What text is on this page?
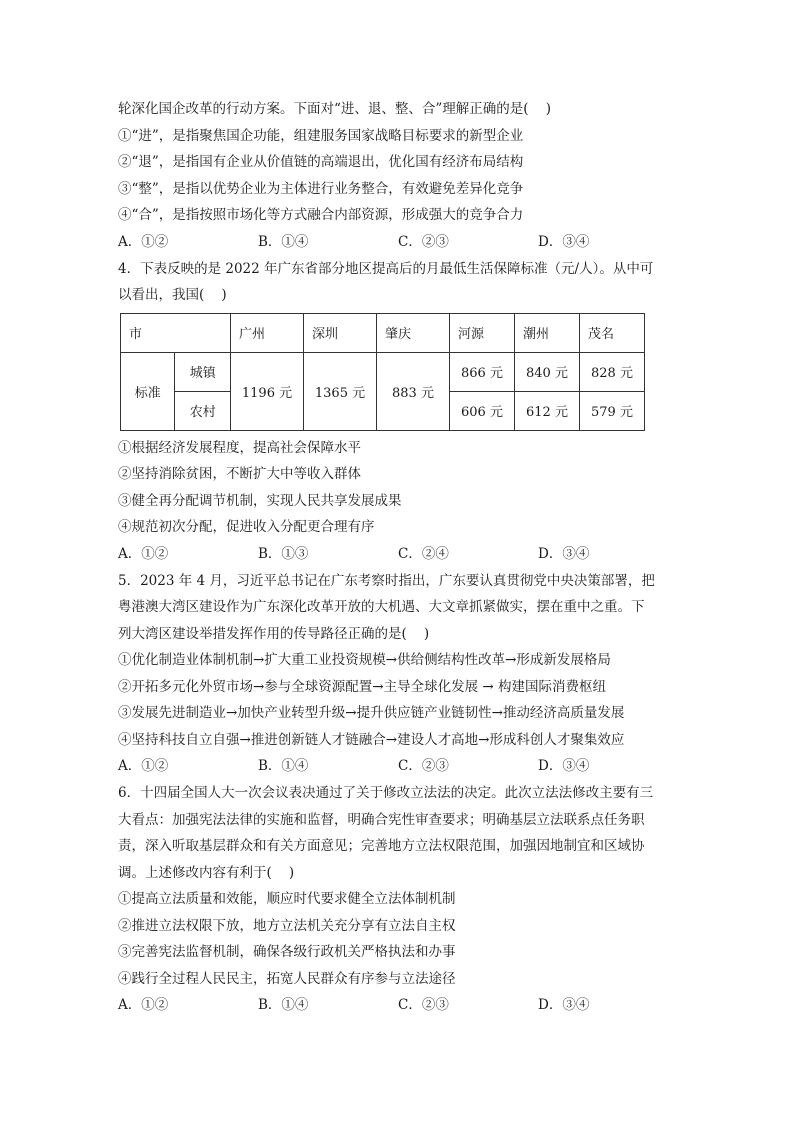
轮深化国企改革的行动方案。下面对“进、退、整、合”理解正确的是(    )
①“进”，是指聚焦国企功能，组建服务国家战略目标要求的新型企业
②“退”，是指国有企业从价值链的高端退出，优化国有经济布局结构
③“整”，是指以优势企业为主体进行业务整合，有效避免差异化竞争
④“合”，是指按照市场化等方式融合内部资源，形成强大的竞争合力
A．①②	B．①④	C．②③	D．③④
4．下表反映的是 2022 年广东省部分地区提高后的月最低生活保障标准（元/人）。从中可
以看出，我国(    )
市		广州	深圳	肇庆	河源	潮州	茂名
标准	城镇	1196 元	1365 元	883 元	866 元	840 元	828 元
	农村				606 元	612 元	579 元
①根据经济发展程度，提高社会保障水平
②坚持消除贫困，不断扩大中等收入群体
③健全再分配调节机制，实现人民共享发展成果
④规范初次分配，促进收入分配更合理有序
A．①②	B．①③	C．②④	D．③④
5．2023 年 4 月，习近平总书记在广东考察时指出，广东要认真贯彻党中央决策部署，把
粤港澳大湾区建设作为广东深化改革开放的大机遇、大文章抓紧做实，摆在重中之重。下
列大湾区建设举措发挥作用的传导路径正确的是(    )
①优化制造业体制机制→扩大重工业投资规模→供给侧结构性改革→形成新发展格局
②开拓多元化外贸市场→参与全球资源配置→主导全球化发展 → 构建国际消费枢纽
③发展先进制造业→加快产业转型升级→提升供应链产业链韧性→推动经济高质量发展
④坚持科技自立自强→推进创新链人才链融合→建设人才高地→形成科创人才聚集效应
A．①②	B．①④	C．②③	D．③④
6．十四届全国人大一次会议表决通过了关于修改立法法的决定。此次立法法修改主要有三
大看点：加强宪法法律的实施和监督，明确合宪性审查要求；明确基层立法联系点任务职
责，深入听取基层群众和有关方面意见；完善地方立法权限范围，加强因地制宜和区域协
调。上述修改内容有利于(    )
①提高立法质量和效能，顺应时代要求健全立法体制机制
②推进立法权限下放，地方立法机关充分享有立法自主权
③完善宪法监督机制，确保各级行政机关严格执法和办事
④践行全过程人民民主，拓宽人民群众有序参与立法途径
A．①②	B．①④	C．②③	D．③④
